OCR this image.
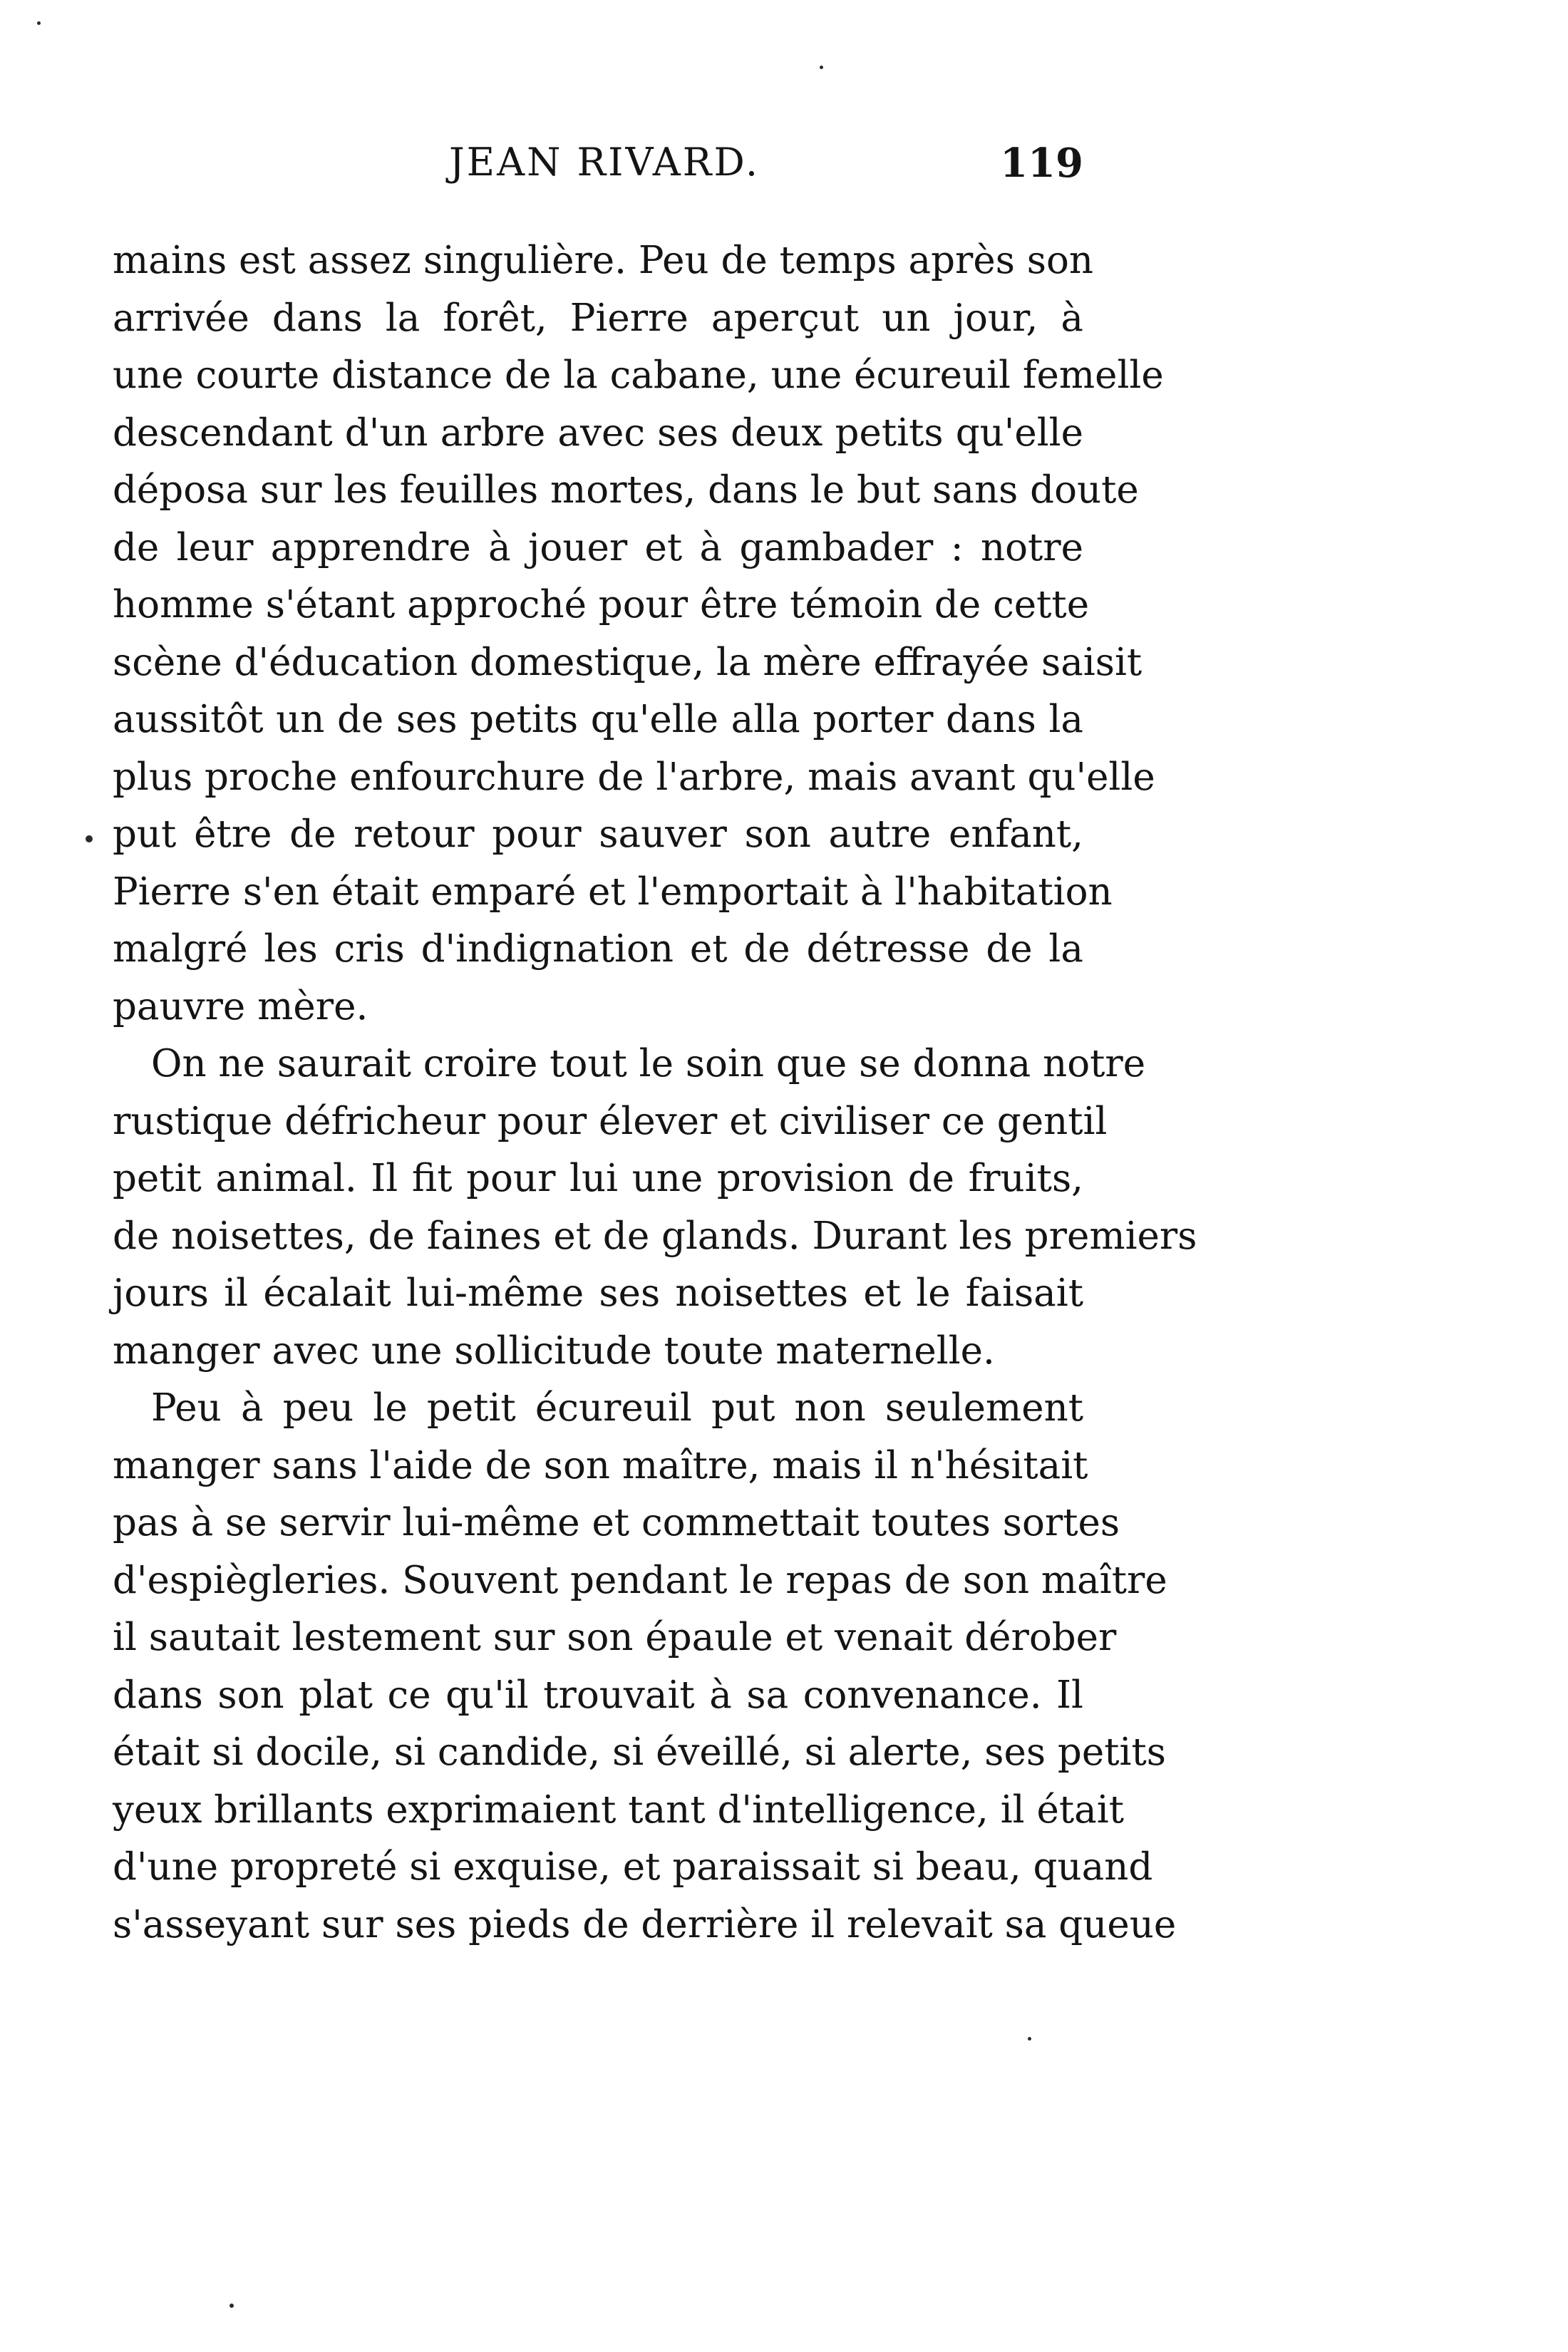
JEAN RIVARD.	119
mains est assez singulière. Peu de temps après son
arrivée dans la forêt, Pierre aperçut un jour, à
une courte distance de la cabane, une écureuil femelle
descendant d'un arbre avec ses deux petits qu'elle
déposa sur les feuilles mortes, dans le but sans doute
de leur apprendre à jouer et à gambader : notre
homme s'étant approché pour être témoin de cette
scène d'éducation domestique, la mère effrayée saisit
aussitôt un de ses petits qu'elle alla porter dans la
plus proche enfourchure de l'arbre, mais avant qu'elle
put être de retour pour sauver son autre enfant,
Pierre s'en était emparé et l'emportait à l'habitation
malgré les cris d'indignation et de détresse de la
pauvre mère.
On ne saurait croire tout le soin que se donna notre
rustique défricheur pour élever et civiliser ce gentil
petit animal. Il fit pour lui une provision de fruits,
de noisettes, de faines et de glands. Durant les premiers
jours il écalait lui-même ses noisettes et le faisait
manger avec une sollicitude toute maternelle.
Peu à peu le petit écureuil put non seulement
manger sans l'aide de son maître, mais il n'hésitait
pas à se servir lui-même et commettait toutes sortes
d'espiègleries. Souvent pendant le repas de son maître
il sautait lestement sur son épaule et venait dérober
dans son plat ce qu'il trouvait à sa convenance. Il
était si docile, si candide, si éveillé, si alerte, ses petits
yeux brillants exprimaient tant d'intelligence, il était
d'une propreté si exquise, et paraissait si beau, quand
s'asseyant sur ses pieds de derrière il relevait sa queue
